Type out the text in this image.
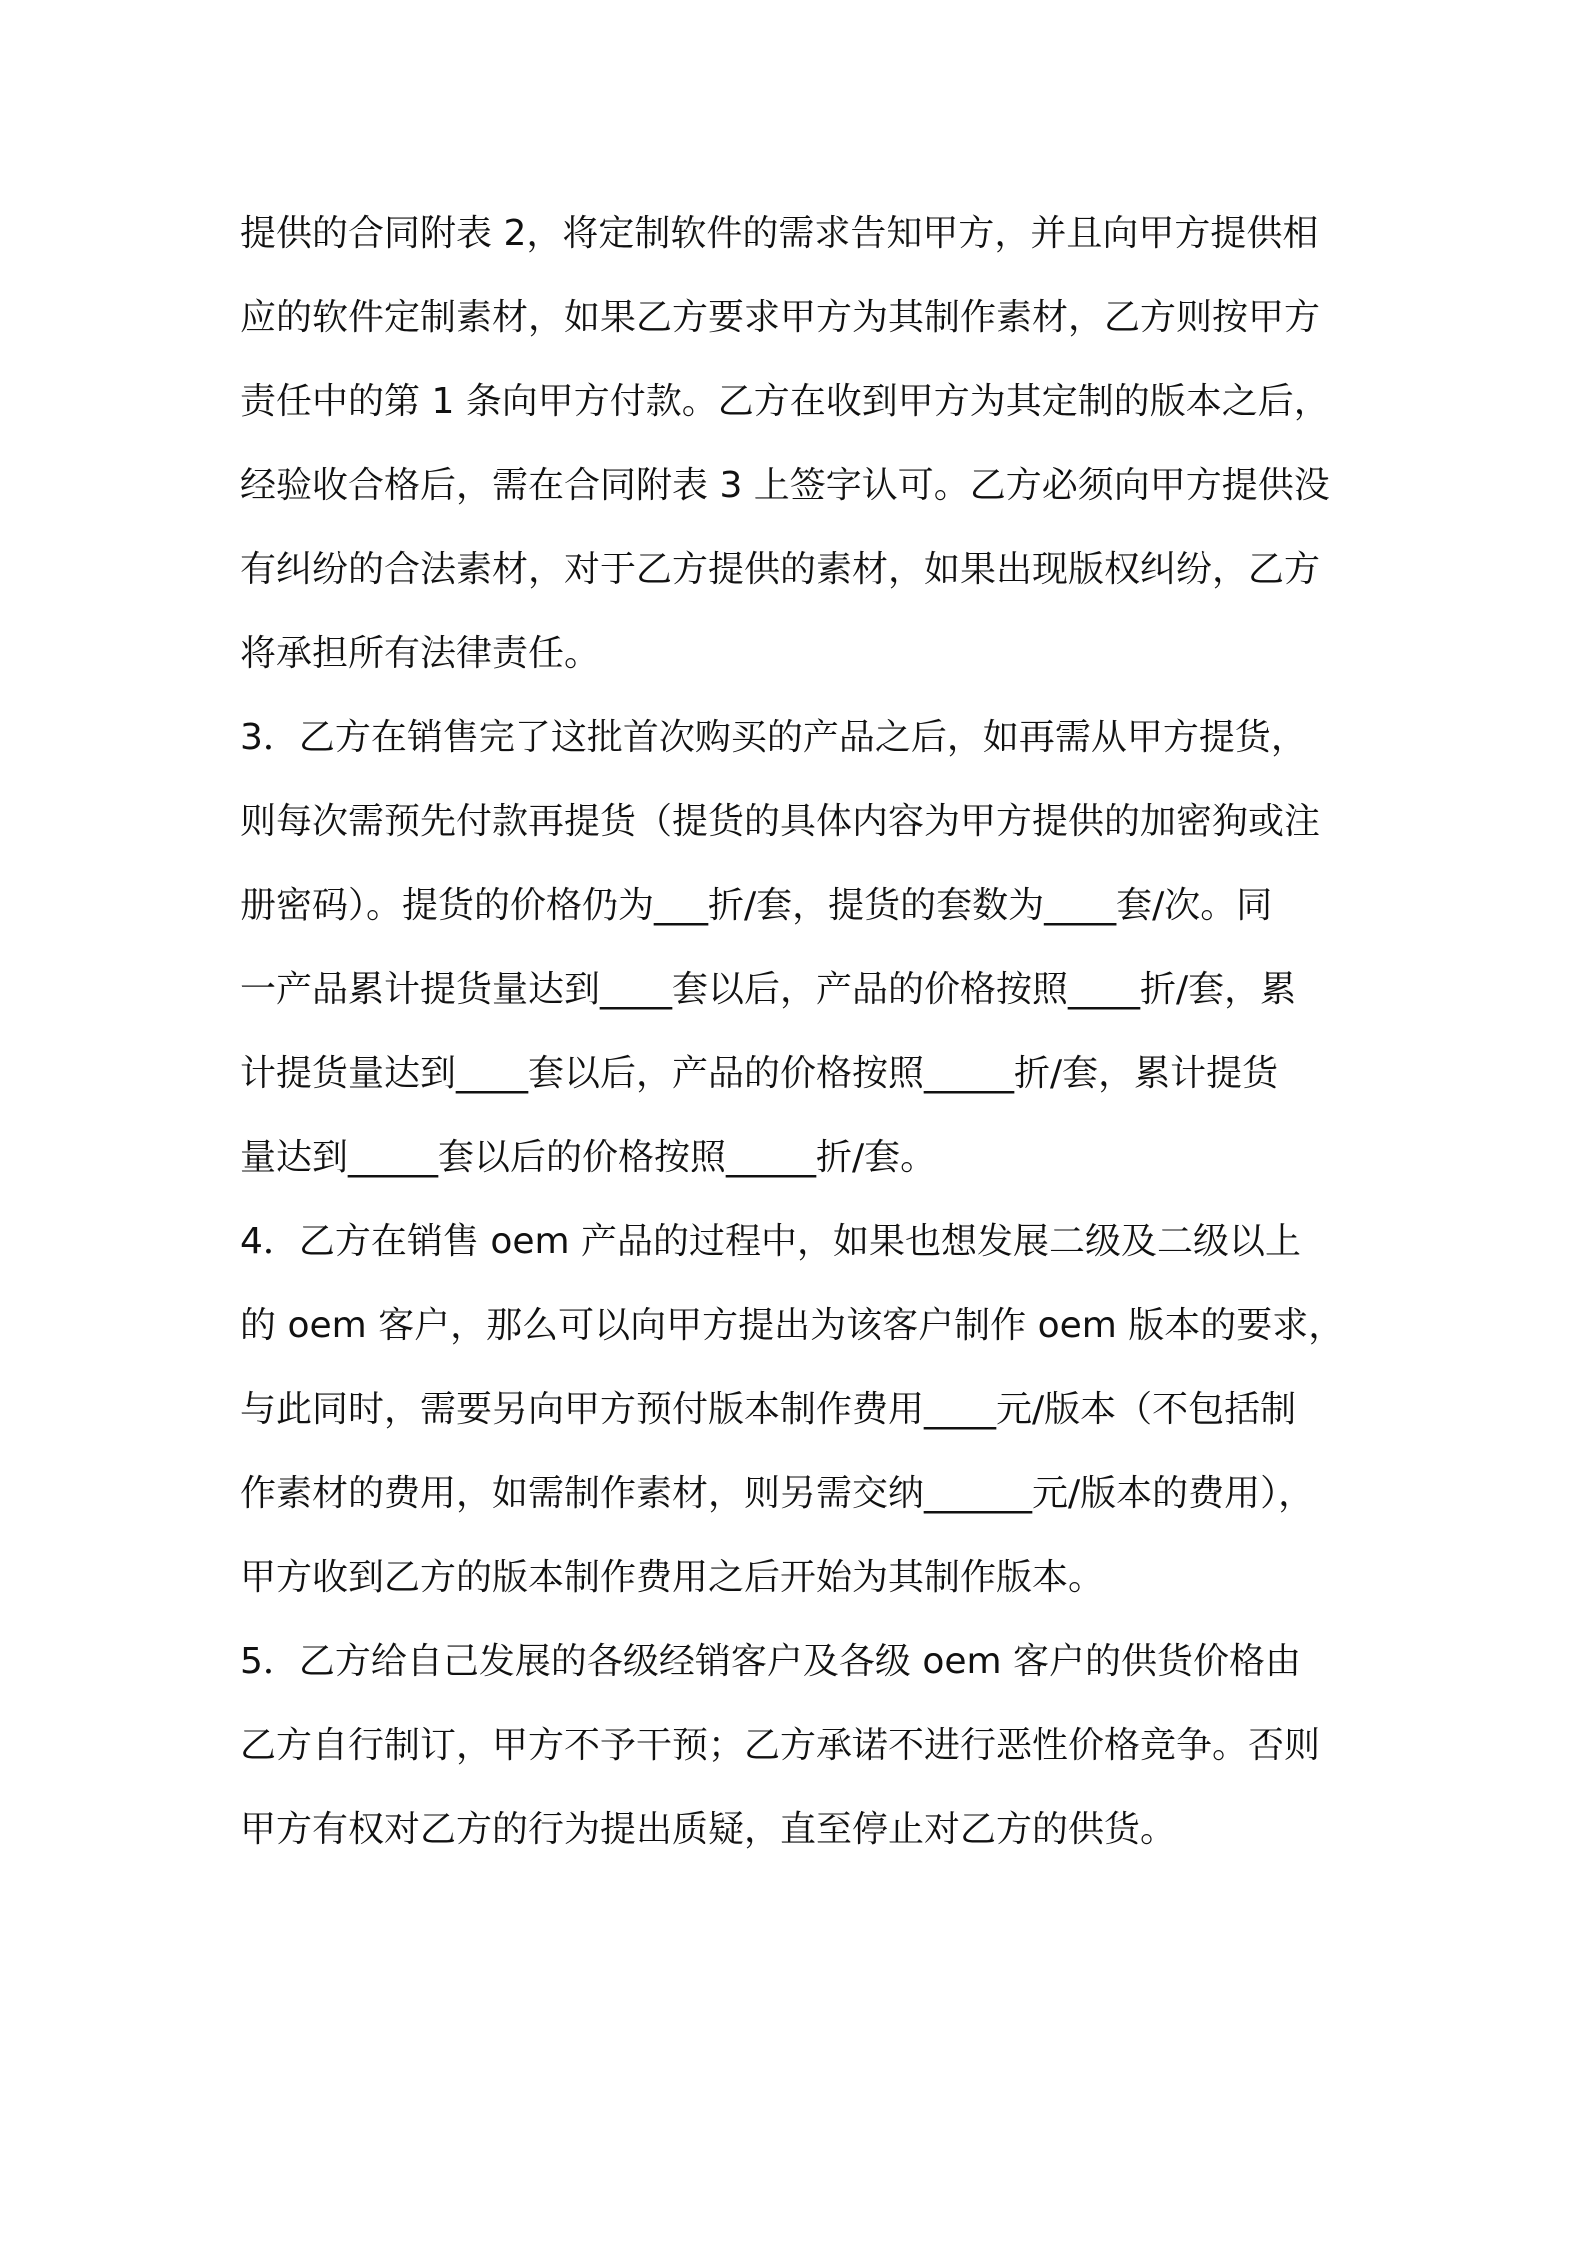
提供的合同附表 2，将定制软件的需求告知甲方，并且向甲方提供相
应的软件定制素材，如果乙方要求甲方为其制作素材，乙方则按甲方
责任中的第 1 条向甲方付款。乙方在收到甲方为其定制的版本之后，
经验收合格后，需在合同附表 3 上签字认可。乙方必须向甲方提供没
有纠纷的合法素材，对于乙方提供的素材，如果出现版权纠纷，乙方
将承担所有法律责任。
3．乙方在销售完了这批首次购买的产品之后，如再需从甲方提货，
则每次需预先付款再提货（提货的具体内容为甲方提供的加密狗或注
册密码）。提货的价格仍为___折/套，提货的套数为____套/次。同
一产品累计提货量达到____套以后，产品的价格按照____折/套，累
计提货量达到____套以后，产品的价格按照_____折/套，累计提货
量达到_____套以后的价格按照_____折/套。
4．乙方在销售 oem 产品的过程中，如果也想发展二级及二级以上
的 oem 客户，那么可以向甲方提出为该客户制作 oem 版本的要求，
与此同时，需要另向甲方预付版本制作费用____元/版本（不包括制
作素材的费用，如需制作素材，则另需交纳______元/版本的费用），
甲方收到乙方的版本制作费用之后开始为其制作版本。
5．乙方给自己发展的各级经销客户及各级 oem 客户的供货价格由
乙方自行制订，甲方不予干预；乙方承诺不进行恶性价格竞争。否则
甲方有权对乙方的行为提出质疑，直至停止对乙方的供货。
